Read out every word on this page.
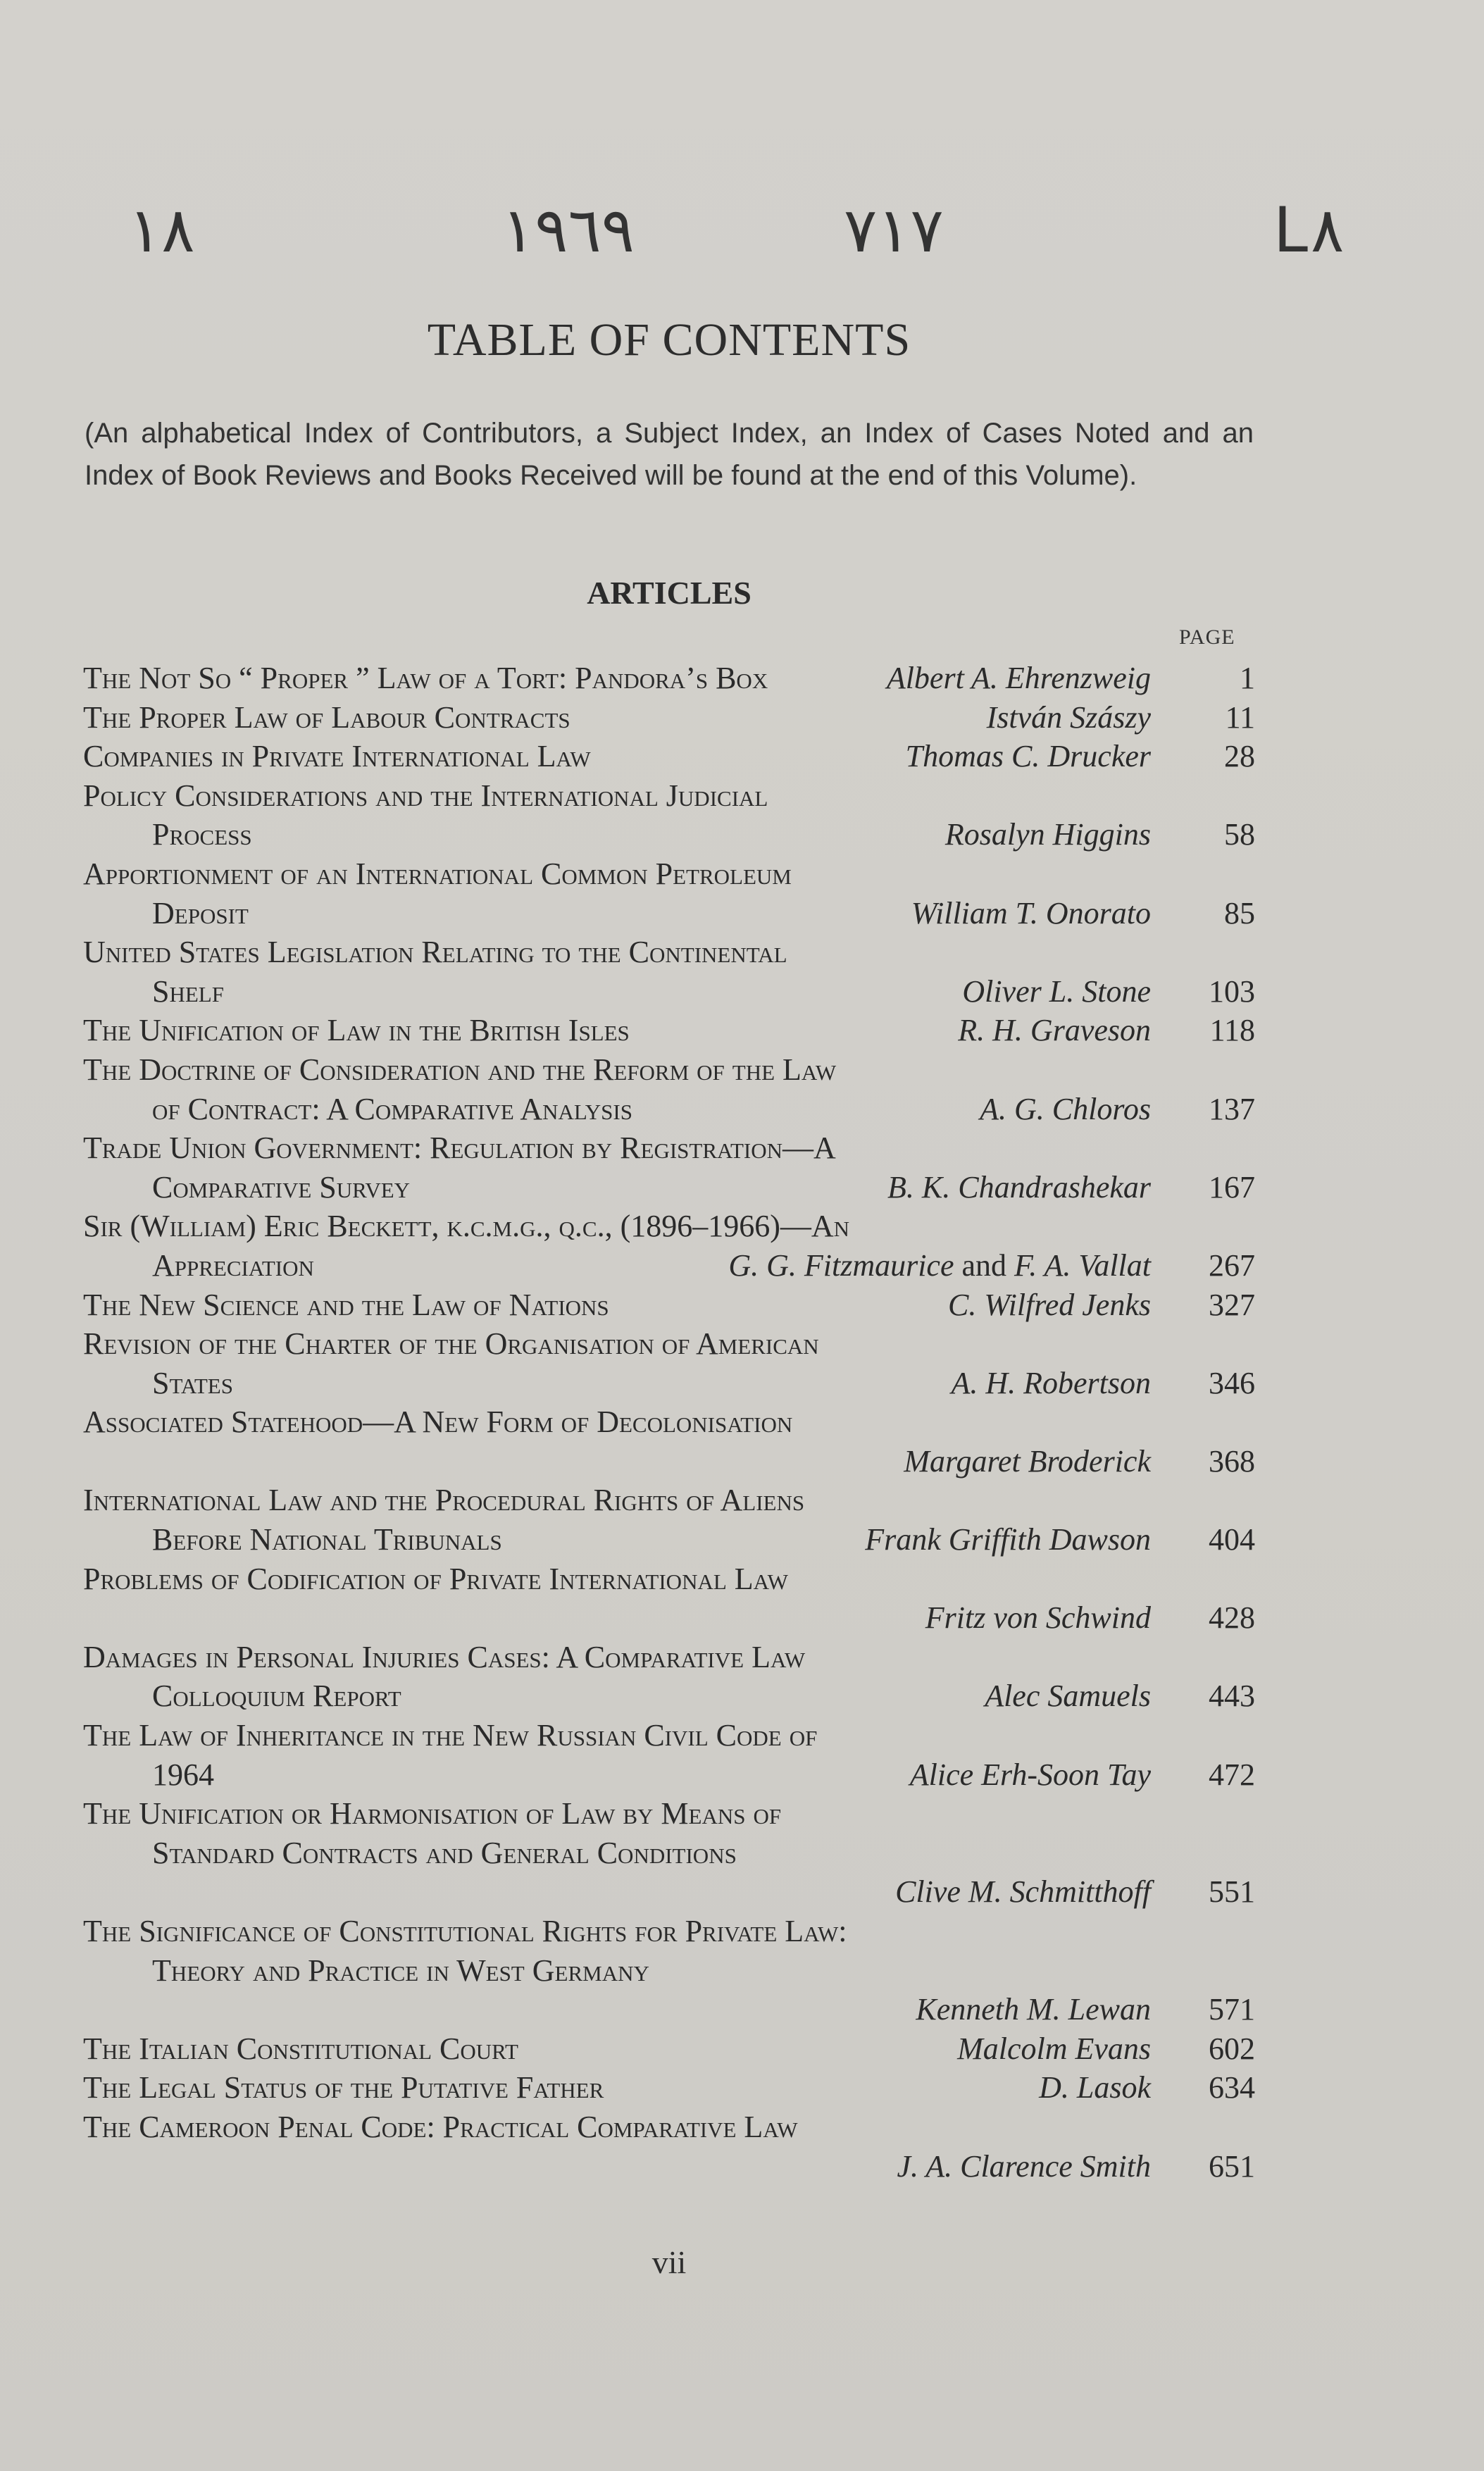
١٨	١٩٦٩	٧١٧	L٨
TABLE OF CONTENTS
(An alphabetical Index of Contributors, a Subject Index, an Index of Cases Noted and an Index of Book Reviews and Books Received will be found at the end of this Volume).
ARTICLES
PAGE
The Not So “ Proper ” Law of a Tort: Pandora’s Box	Albert A. Ehrenzweig	1
The Proper Law of Labour Contracts	István Szászy	11
Companies in Private International Law	Thomas C. Drucker	28
Policy Considerations and the International Judicial
Process	Rosalyn Higgins	58
Apportionment of an International Common Petroleum
Deposit	William T. Onorato	85
United States Legislation Relating to the Continental
Shelf	Oliver L. Stone	103
The Unification of Law in the British Isles	R. H. Graveson	118
The Doctrine of Consideration and the Reform of the Law
of Contract: A Comparative Analysis	A. G. Chloros	137
Trade Union Government: Regulation by Registration—A
Comparative Survey	B. K. Chandrashekar	167
Sir (William) Eric Beckett, k.c.m.g., q.c., (1896–1966)—An
Appreciation	G. G. Fitzmaurice and F. A. Vallat	267
The New Science and the Law of Nations	C. Wilfred Jenks	327
Revision of the Charter of the Organisation of American
States	A. H. Robertson	346
Associated Statehood—A New Form of Decolonisation
Margaret Broderick	368
International Law and the Procedural Rights of Aliens
Before National Tribunals	Frank Griffith Dawson	404
Problems of Codification of Private International Law
Fritz von Schwind	428
Damages in Personal Injuries Cases: A Comparative Law
Colloquium Report	Alec Samuels	443
The Law of Inheritance in the New Russian Civil Code of
1964	Alice Erh-Soon Tay	472
The Unification or Harmonisation of Law by Means of
Standard Contracts and General Conditions
Clive M. Schmitthoff	551
The Significance of Constitutional Rights for Private Law:
Theory and Practice in West Germany
Kenneth M. Lewan	571
The Italian Constitutional Court	Malcolm Evans	602
The Legal Status of the Putative Father	D. Lasok	634
The Cameroon Penal Code: Practical Comparative Law
J. A. Clarence Smith	651
vii
